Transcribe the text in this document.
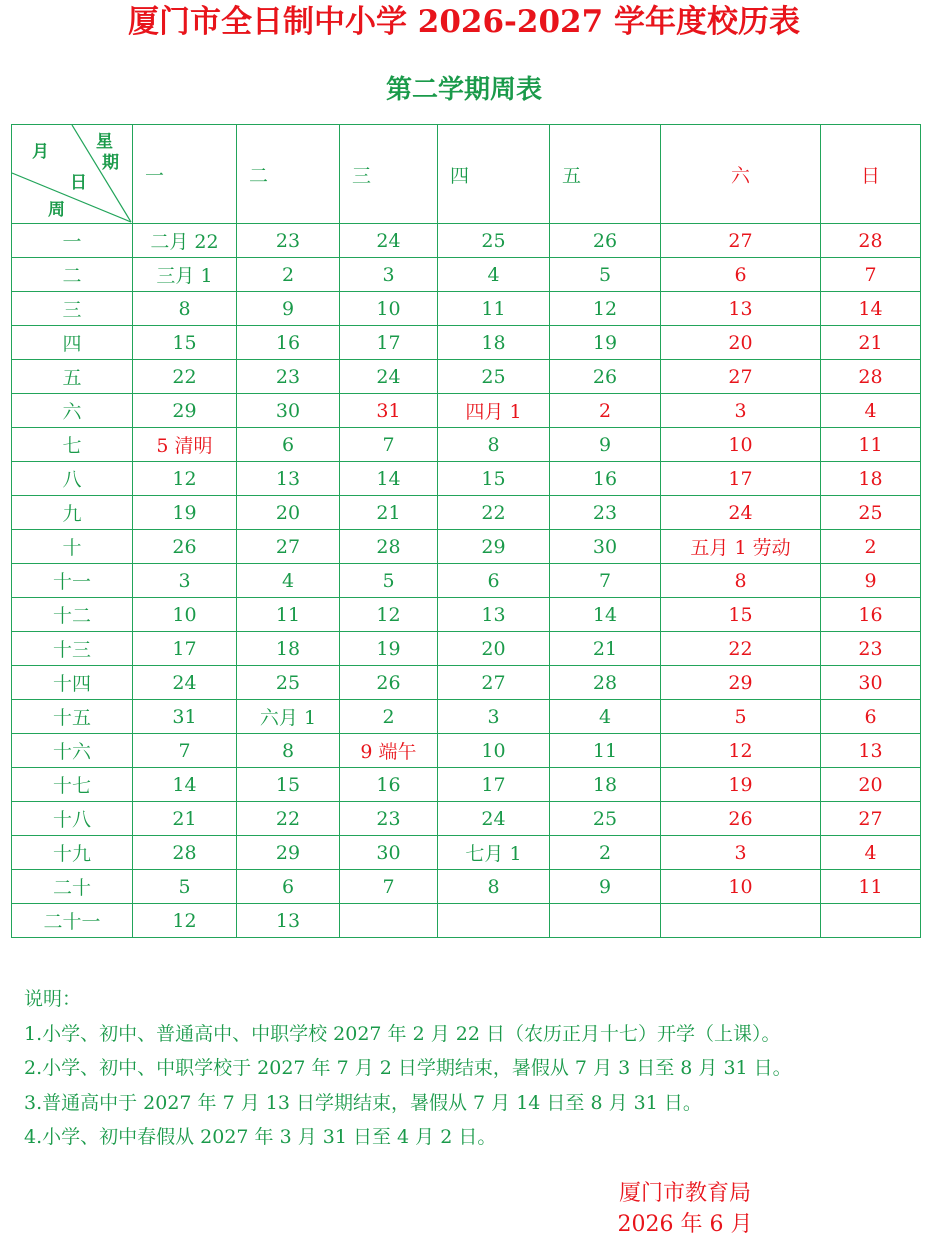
厦门市全日制中小学 2026-2027 学年度校历表
第二学期周表
月 星
期
日
周	一	二	三	四	五	六	日
一	二月 22	23	24	25	26	27	28
二	三月 1	2	3	4	5	6	7
三	8	9	10	11	12	13	14
四	15	16	17	18	19	20	21
五	22	23	24	25	26	27	28
六	29	30	31	四月 1	2	3	4
七	5 清明	6	7	8	9	10	11
八	12	13	14	15	16	17	18
九	19	20	21	22	23	24	25
十	26	27	28	29	30	五月 1 劳动	2
十一	3	4	5	6	7	8	9
十二	10	11	12	13	14	15	16
十三	17	18	19	20	21	22	23
十四	24	25	26	27	28	29	30
十五	31	六月 1	2	3	4	5	6
十六	7	8	9 端午	10	11	12	13
十七	14	15	16	17	18	19	20
十八	21	22	23	24	25	26	27
十九	28	29	30	七月 1	2	3	4
二十	5	6	7	8	9	10	11
二十一	12	13					
说明：
1.小学、初中、普通高中、中职学校 2027 年 2 月 22 日（农历正月十七）开学（上课）。
2.小学、初中、中职学校于 2027 年 7 月 2 日学期结束，暑假从 7 月 3 日至 8 月 31 日。
3.普通高中于 2027 年 7 月 13 日学期结束，暑假从 7 月 14 日至 8 月 31 日。
4.小学、初中春假从 2027 年 3 月 31 日至 4 月 2 日。
厦门市教育局
2026 年 6 月
